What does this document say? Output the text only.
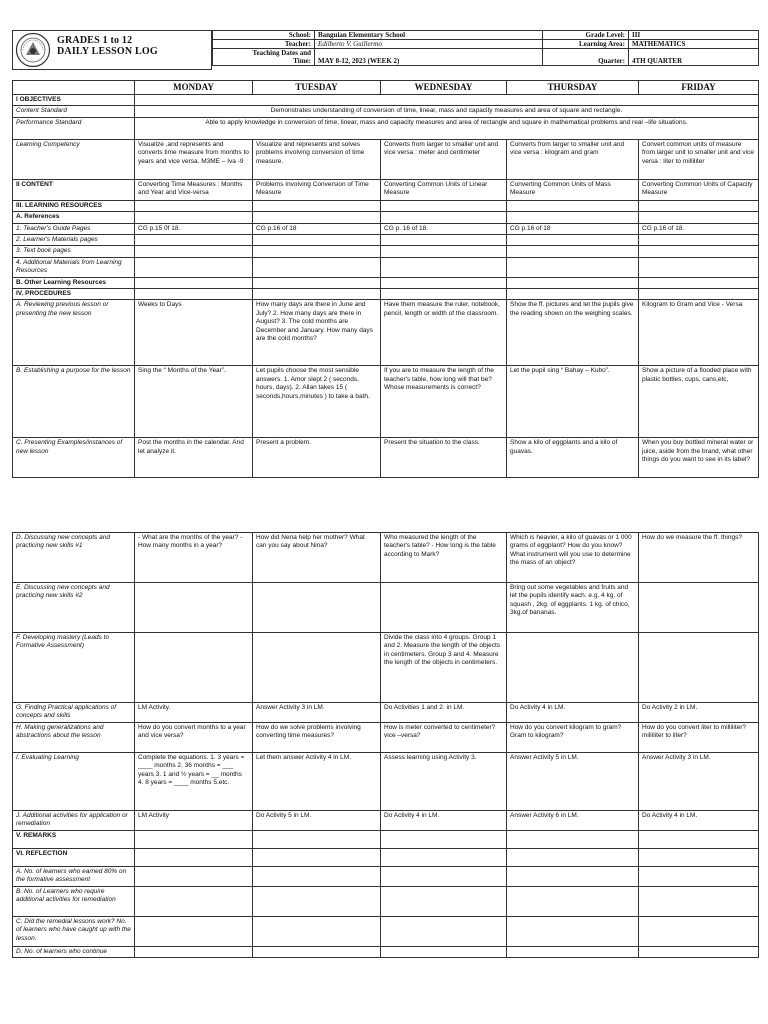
GRADES 1 to 12
DAILY LESSON LOG
School:	Banguian Elementary School	Grade Level:	III
Teacher:	Edilberto V. Guillermo	Learning Area:	MATHEMATICS

Teaching Dates and
Time:	MAY 8-12, 2023 (WEEK 2)	Quarter:	4TH QUARTER
	MONDAY	TUESDAY	WEDNESDAY	THURSDAY	FRIDAY
I OBJECTIVES					
Content Standard	Demonstrates understanding of conversion of time, linear, mass and capacity measures and area of square and rectangle.				
Performance Standard	Able to apply knowledge in conversion of time, linear, mass and capacity measures and area of rectangle and square in mathematical problems and real –life situations.				
Learning Competency	Visualize ,and represents and converts time measure from months to years and vice versa. M3ME – Iva -9	Visualize and represents and solves problems involving conversion of time measure.	Converts from larger to smaller unit and vice versa : meter and centimeter	Converts from larger to smaller unit and vice versa : kilogram and gram	Convert common units of measure from larger unit to smaller unit and vice versa : liter to milliliter
II CONTENT	Converting Time Measures : Months and Year and Vice-versa	Problems Involving Conversion of Time Measure	Converting Common Units of Linear Measure	Converting Common Units of Mass Measure	Converting Common Units of Capacity Measure
III. LEARNING RESOURCES					
A. References					
1. Teacher's Guide Pages	CG p.15 0f 18.	CG p.16 of 18	CG p. 16 of 18.	CG p.16 of 18	CG p.16 of 18.
2. Learner's Materials pages					
3. Text book pages					
4. Additional Materials from Learning Resources					
B. Other Learning Resources					
IV. PROCEDURES					
A. Reviewing previous lesson or presenting the new lesson	Weeks to Days	How many days are there in June and July? 2. How many days are there in August? 3. The cold months are December and January. How many days are the cold months?	Have them measure the ruler, notebook, pencil, length or width of the classroom.	Show the ff. pictures and let the pupils give the reading shown on the weighing scales.	Kilogram to Gram and Vice - Versa
B. Establishing a purpose for the lesson	Sing the “ Months of the Year”.	Let pupils choose the most sensible answers. 1. Amor slept 2 ( seconds, hours, days). 2. Allan takes 15 ( seconds,hours,minutes ) to take a bath.	If you are to measure the length of the teacher's table, how long will that be? Whose measurements is correct?	Let the pupil sing “ Bahay – Kubo”.	Show a picture of a flooded place with plastic bottles, cups, cans,etc,
C. Presenting Examples/instances of new lesson	Post the months in the calendar. And let analyze it.	Present a problem.	Present the situation to the class.	Show a kilo of eggplants and a kilo of guavas.	When you buy bottled mineral water or juice, aside from the brand, what other things do you want to see in its label?
D. Discussing new concepts and practicing new skills #1	- What are the months of the year? - How many months in a year?	How did Nena help her mother? What can you say about Nina?	Who measured the length of the teacher's table? - How long is the table according to Mark?	Which is heavier, a kilo of guavas or 1 000 grams of eggplant? How do you know? What instrument will you use to determine the mass of an object?	How do we measure the ff. things?
E. Discussing new concepts and practicing new skills #2				Bring out some vegetables and fruits and let the pupils identify each. e.g. 4 kg. of squash , 2kg. of eggplants. 1 kg. of chico, 3kg.of bananas.	
F. Developing mastery (Leads to Formative Assessment)			Divide the class into 4 groups. Group 1 and 2. Measure the length of the objects in centimeters. Group 3 and 4. Measure the length of the objects in centimeters.		
G. Finding Practical applications of concepts and skills	LM Activity.	Answer Activity 3 in LM.	Do Activities 1 and 2. in LM.	Do Activity 4 in LM.	Do Activity 2 in LM.
H. Making generalizations and abstractions about the lesson	How do you convert months to a year and vice versa?	How do we solve problems involving converting time measures?	How is meter converted to centimeter?vice –versa?	How do you convert kilogram to gram? Gram to kilogram?	How do you convert liter to milliliter?milliliter to liter?
I. Evaluating Learning	Complete the equations. 1. 3 years = ____ months 2. 36 months = ___ years 3. 1 and ½ years = __ months 4. 8 years = ____ months 5.etc.	Let them answer Activity 4 in LM.	Assess learning using Activity 3.	Answer Activity 5 in LM.	Answer Activity 3 in LM.
J. Additional activities for application or remediation	LM Activity	Do Activity 5 in LM.	Do Activity 4 in LM.	Answer Activity 6 in LM.	Do Activity 4 in LM.
V. REMARKS					
VI. REFLECTION					
A. No. of learners who earned 80% on the formative assessment					
B. No. of Learners who require additional activities for remediation					
C. Did the remedial lessons work? No. of learners who have caught up with the lesson.					
D. No. of learners who continue					
